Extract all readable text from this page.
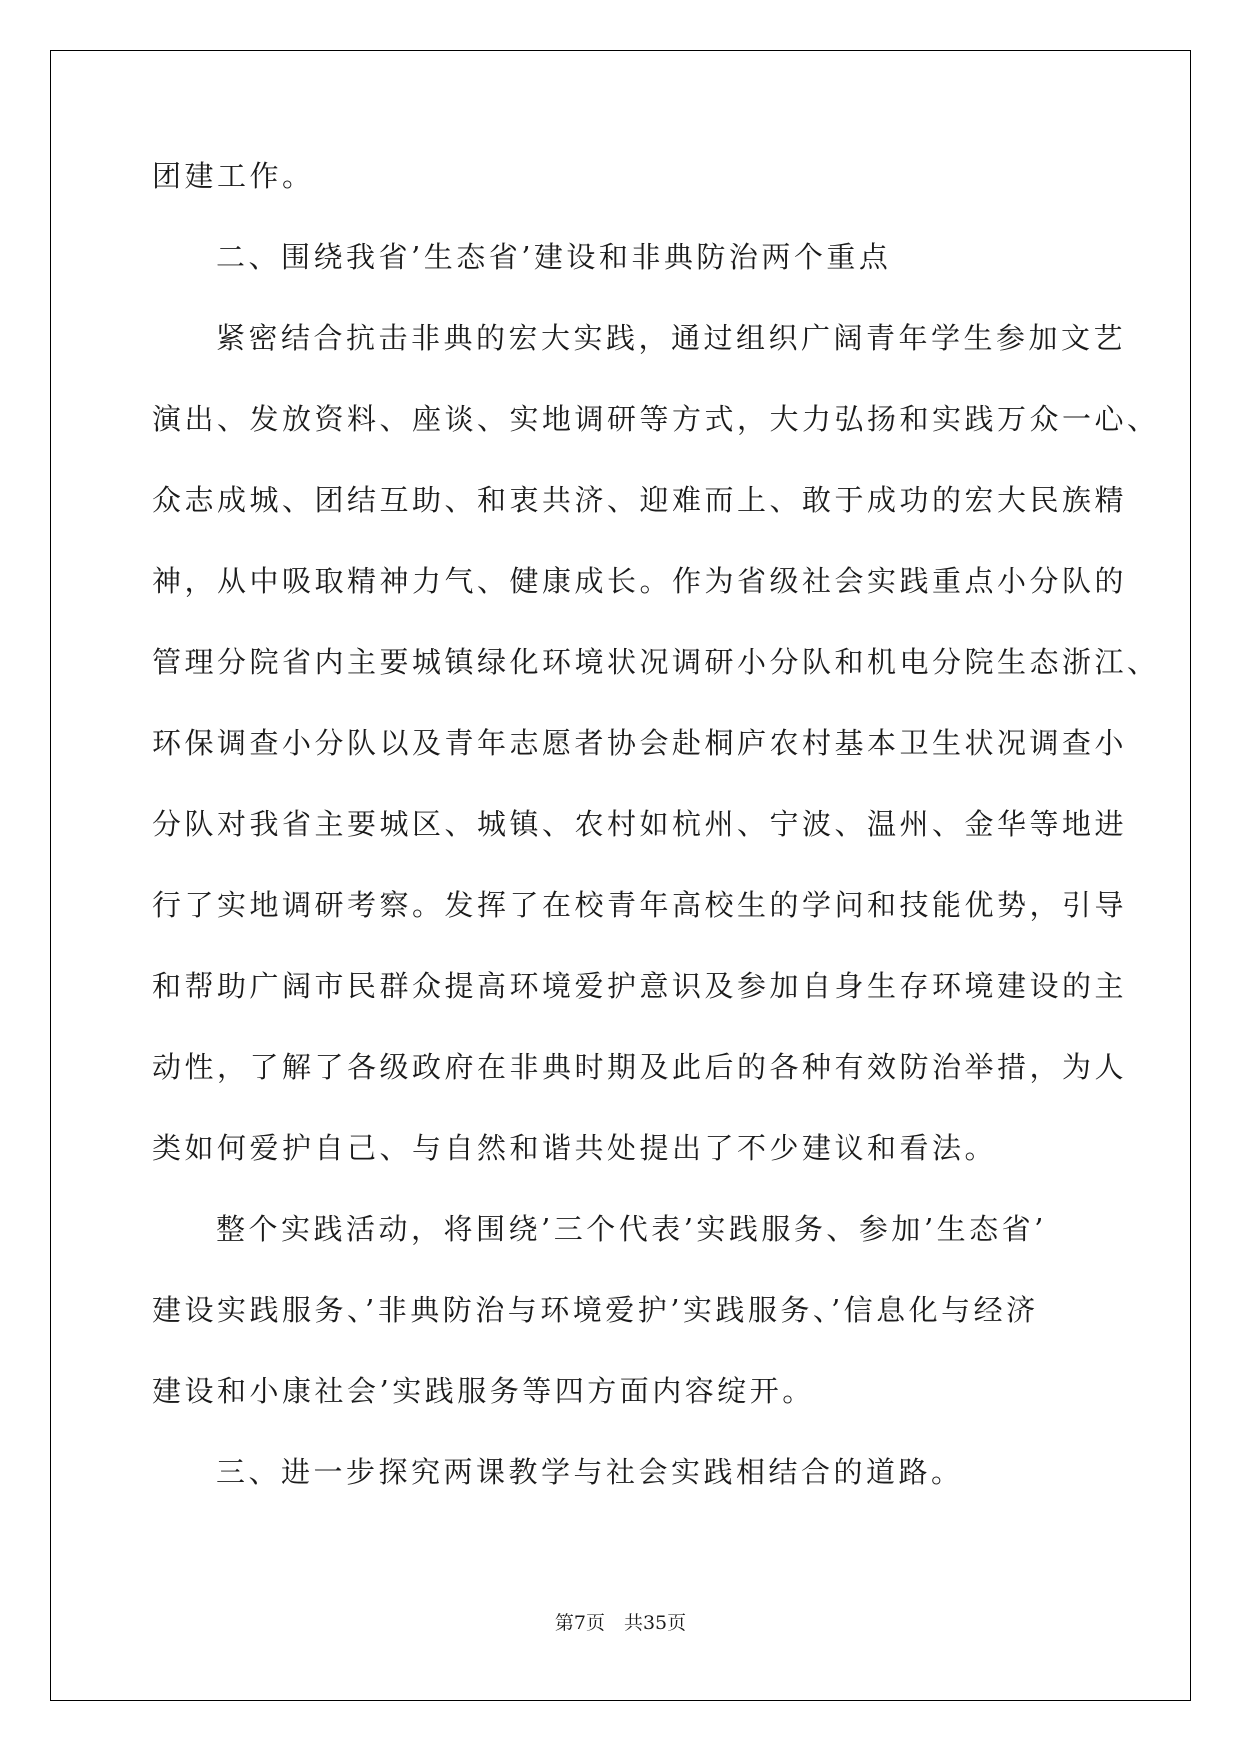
团建工作。

二、围绕我省’生态省’建设和非典防治两个重点

紧密结合抗击非典的宏大实践，通过组织广阔青年学生参加文艺

演出、发放资料、座谈、实地调研等方式，大力弘扬和实践万众一心、

众志成城、团结互助、和衷共济、迎难而上、敢于成功的宏大民族精

神，从中吸取精神力气、健康成长。作为省级社会实践重点小分队的

管理分院省内主要城镇绿化环境状况调研小分队和机电分院生态浙江、

环保调查小分队以及青年志愿者协会赴桐庐农村基本卫生状况调查小

分队对我省主要城区、城镇、农村如杭州、宁波、温州、金华等地进

行了实地调研考察。发挥了在校青年高校生的学问和技能优势，引导

和帮助广阔市民群众提高环境爱护意识及参加自身生存环境建设的主

动性，了解了各级政府在非典时期及此后的各种有效防治举措，为人

类如何爱护自己、与自然和谐共处提出了不少建议和看法。

整个实践活动，将围绕’三个代表’实践服务、参加’生态省’

建设实践服务、’非典防治与环境爱护’实践服务、’信息化与经济

建设和小康社会’实践服务等四方面内容绽开。

三、进一步探究两课教学与社会实践相结合的道路。

第7页　共35页
